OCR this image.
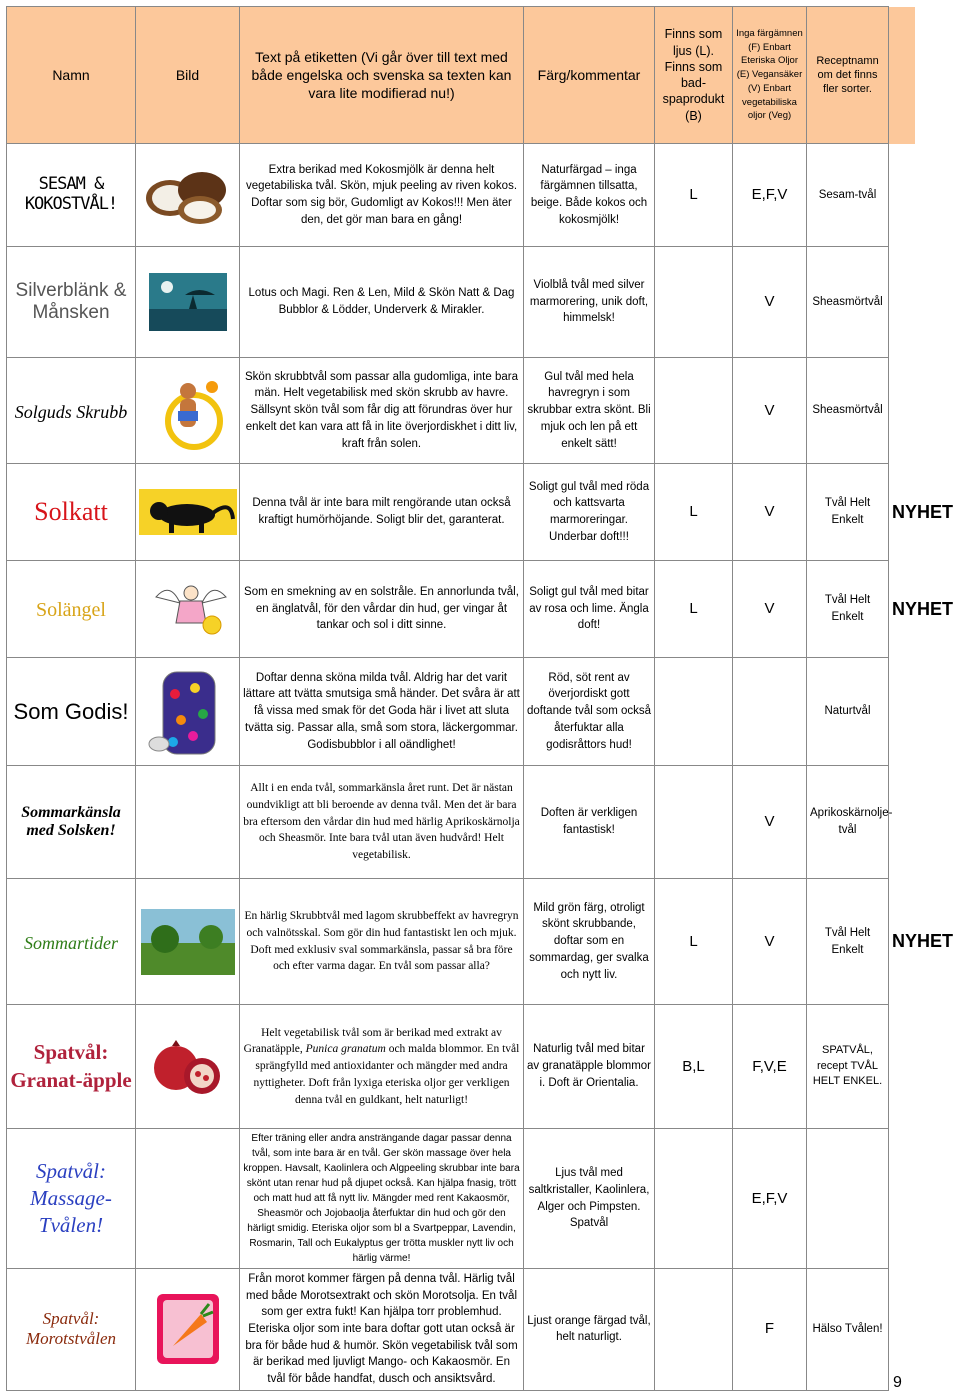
Namn	Bild	Text på etiketten (Vi går över till text med både engelska och svenska sa texten kan vara lite modifierad nu!)	Färg/kommentar	Finns som ljus (L). Finns som bad-spaprodukt (B)	Inga färgämnen (F) Enbart Eteriska Oljor (E) Vegansäker (V) Enbart vegetabiliska oljor (Veg)	Receptnamn om det finns fler sorter.	
SESAM & KOKOSTVÅL!		Extra berikad med Kokosmjölk är denna helt vegetabiliska tvål. Skön, mjuk peeling av riven kokos. Doftar som sig bör, Gudomligt av Kokos!!! Men äter den, det gör man bara en gång!	Naturfärgad – inga färgämnen tillsatta, beige. Både kokos och kokosmjölk!	L	E,F,V	Sesam-tvål	
Silverblänk & Månsken		Lotus och Magi. Ren & Len, Mild & Skön Natt & Dag Bubblor & Lödder, Underverk & Mirakler.	Violblå tvål med silver marmorering, unik doft, himmelsk!		V	Sheasmörtvål	
Solguds Skrubb		Skön skrubbtvål som passar alla gudomliga, inte bara män. Helt vegetabilisk med skön skrubb av havre. Sällsynt skön tvål som får dig att förundras över hur enkelt det kan vara att få in lite överjordiskhet i ditt liv, kraft från solen.	Gul tvål med hela havregryn i som skrubbar extra skönt. Bli mjuk och len på ett enkelt sätt!		V	Sheasmörtvål	
Solkatt		Denna tvål är inte bara milt rengörande utan också kraftigt humörhöjande. Soligt blir det, garanterat.	Soligt gul tvål med röda och kattsvarta marmoreringar. Underbar doft!!!	L	V	Tvål Helt Enkelt	NYHET
Solängel		Som en smekning av en solstråle. En annorlunda tvål, en änglatvål, för den vårdar din hud, ger vingar åt tankar och sol i ditt sinne.	Soligt gul tvål med bitar av rosa och lime. Ängla doft!	L	V	Tvål Helt Enkelt	NYHET
Som Godis!		Doftar denna sköna milda tvål. Aldrig har det varit lättare att tvätta smutsiga små händer. Det svåra är att få vissa med smak för det Goda här i livet att sluta tvätta sig. Passar alla, små som stora, läckergommar. Godisbubblor i all oändlighet!	Röd, söt rent av överjordiskt gott doftande tvål som också återfuktar alla godisråttors hud!			Naturtvål	
Sommarkänsla med Solsken!		Allt i en enda tvål, sommarkänsla året runt. Det är nästan oundvikligt att bli beroende av denna tvål. Men det är bara bra eftersom den vårdar din hud med härlig Aprikoskärnolja och Sheasmör. Inte bara tvål utan även hudvård! Helt vegetabilisk.	Doften är verkligen fantastisk!		V	Aprikoskärnolje-tvål	
Sommartider		En härlig Skrubbtvål med lagom skrubbeffekt av havregryn och valnötsskal. Som gör din hud fantastiskt len och mjuk. Doft med exklusiv sval sommarkänsla, passar så bra före och efter varma dagar. En tvål som passar alla?	Mild grön färg, otroligt skönt skrubbande, doftar som en sommardag, ger svalka och nytt liv.	L	V	Tvål Helt Enkelt	NYHET
Spatvål: Granat-äpple		Helt vegetabilisk tvål som är berikad med extrakt av Granatäpple, Punica granatum och malda blommor. En tvål sprängfylld med antioxidanter och mängder med andra nyttigheter. Doft från lyxiga eteriska oljor ger verkligen denna tvål en guldkant, helt naturligt!	Naturlig tvål med bitar av granatäpple blommor i. Doft är Orientalia.	B,L	F,V,E	SPATVÅL, recept TVÅL HELT ENKEL.	
Spatvål: Massage-Tvålen!		Efter träning eller andra ansträngande dagar passar denna tvål, som inte bara är en tvål. Ger skön massage över hela kroppen. Havsalt, Kaolinlera och Algpeeling skrubbar inte bara skönt utan renar hud på djupet också. Kan hjälpa fnasig, trött och matt hud att få nytt liv. Mängder med rent Kakaosmör, Sheasmör och Jojobaolja återfuktar din hud och gör den härligt smidig. Eteriska oljor som bl a Svartpeppar, Lavendin, Rosmarin, Tall och Eukalyptus ger trötta muskler nytt liv och härlig värme!	Ljus tvål med saltkristaller, Kaolinlera, Alger och Pimpsten. Spatvål		E,F,V		
Spatvål: Morotstvålen		Från morot kommer färgen på denna tvål. Härlig tvål med både Morotsextrakt och skön Morotsolja. En tvål som ger extra fukt! Kan hjälpa torr problemhud. Eteriska oljor som inte bara doftar gott utan också är bra för både hud & humör. Skön vegetabilisk tvål som är berikad med ljuvligt Mango- och Kakaosmör. En tvål för både handfat, dusch och ansiktsvård.	Ljust orange färgad tvål, helt naturligt.		F	Hälso Tvålen!	
9
